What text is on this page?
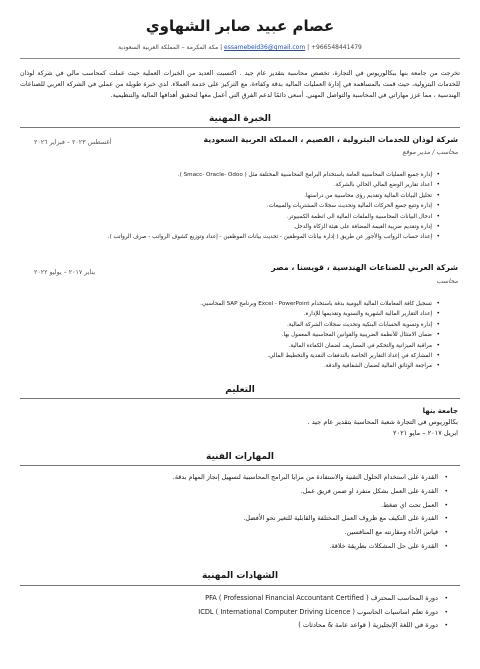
عصام عبيد صابر الشهاوي
+966548441479 | essamebeid36@gmail.com | مكة المكرمة – المملكة العربية السعودية
تخرجت من جامعة بنها ببكالوريوس في التجارة، تخصص محاسبة بتقدير عام جيد . اكتسبت العديد من الخبرات العملية حيث عملت كمحاسب مالي في شركة لوذان للخدمات البترولية، حيث قمت بالمساهمة في إدارة العمليات المالية بدقة وكفاءة، مع التركيز على خدمة العملاء. لدي خبرة طويلة من عملي في الشركة العربي للصناعات الهندسية ، مما عزز مهاراتي في المحاسبة والتواصل المهني. أسعى دائمًا لدعم الفرق التي أعمل معها لتحقيق أهدافها المالية والتنظيمية.
الخبرة المهنية
شركة لوذان للخدمات البترولية ، القصيم ، المملكة العربية السعودية
أغسطس ٢٠٢٣ – فبراير ٢٠٢٦
محاسب / مدير موقع
•
إدارة جميع العمليات المحاسبية العامة باستخدام البرامج المحاسبية المختلفة مثل ( Smacc- Oracle- Odoo ).
•
اعداد تقارير الوضع المالي الحالي بالشركة.
•
تحليل البيانات المالية وتقديم رؤى محاسبية من دراستها.
•
إدارة وتتبع جميع الحركات المالية وتحديث سجلات المشتريات والمبيعات.
•
ادخال البيانات المحاسبية والملفات المالية الى انظمة الكمبيوتر.
•
إدارة وتقديم ضريبة القيمة المضافة على هيئة الزكاة والدخل.
•
إعداد حساب الرواتب والأجور عن طريق ( إدارة بيانات الموظفين - تحديث بيانات الموظفين - إعداد وتوزيع كشوف الرواتب - صرف الرواتب ).
شركة العربي للصناعات الهندسية ، قويسنا ، مصر
يناير ٢٠١٧ – يوليو ٢٠٢٢
محاسب
•
تسجيل كافة المعاملات المالية اليومية بدقة باستخدام Excel - PowerPoint وبرنامج SAP المحاسبي.
•
إعداد التقارير المالية الشهرية والسنوية وتقديمها للإدارة.
•
إدارة وتسوية الحسابات البنكية وتحديث سجلات الشركة المالية.
•
ضمان الامتثال للأنظمة الضريبية والقوانين المحاسبية المعمول بها.
•
مراقبة الميزانية والتحكم في المصاريف لضمان الكفاءة المالية.
•
المشاركة في إعداد التقارير الخاصة بالتدفقات النقدية والتخطيط المالي.
•
مراجعة الوثائق المالية لضمان الشفافية والدقة.
التعليم
جامعة بنها
بكالوريوس في التجارة شعبة المحاسبة بتقدير عام جيد .
ابريل ٢٠١٧ – مايو ٢٠٢١
المهارات الفنية
•
القدرة على استخدام الحلول التقنية والاستفادة من مزايا البرامج المحاسبية لتسهيل إنجاز المهام بدقة.
•
القدرة على العمل بشكل منفرد او ضمن فريق عمل.
•
العمل تحت اي ضغط.
•
القدرة على التكيف مع ظروف العمل المختلفة والقابلية للتغير نحو الأفضل.
•
قياس الأداء ومقارنته مع المنافسين.
•
القدرة على حل المشكلات بطريقة خلاقة.
الشهادات المهنية
•
دورة المحاسب المحترف PFA ( Professional Financial Accountant Certified )
•
دورة تعلم اساسيات الحاسوب ICDL ( International Computer Driving Licence )
•
دورة في اللغة الإنجليزية ( قواعد عامة & محادثات )
